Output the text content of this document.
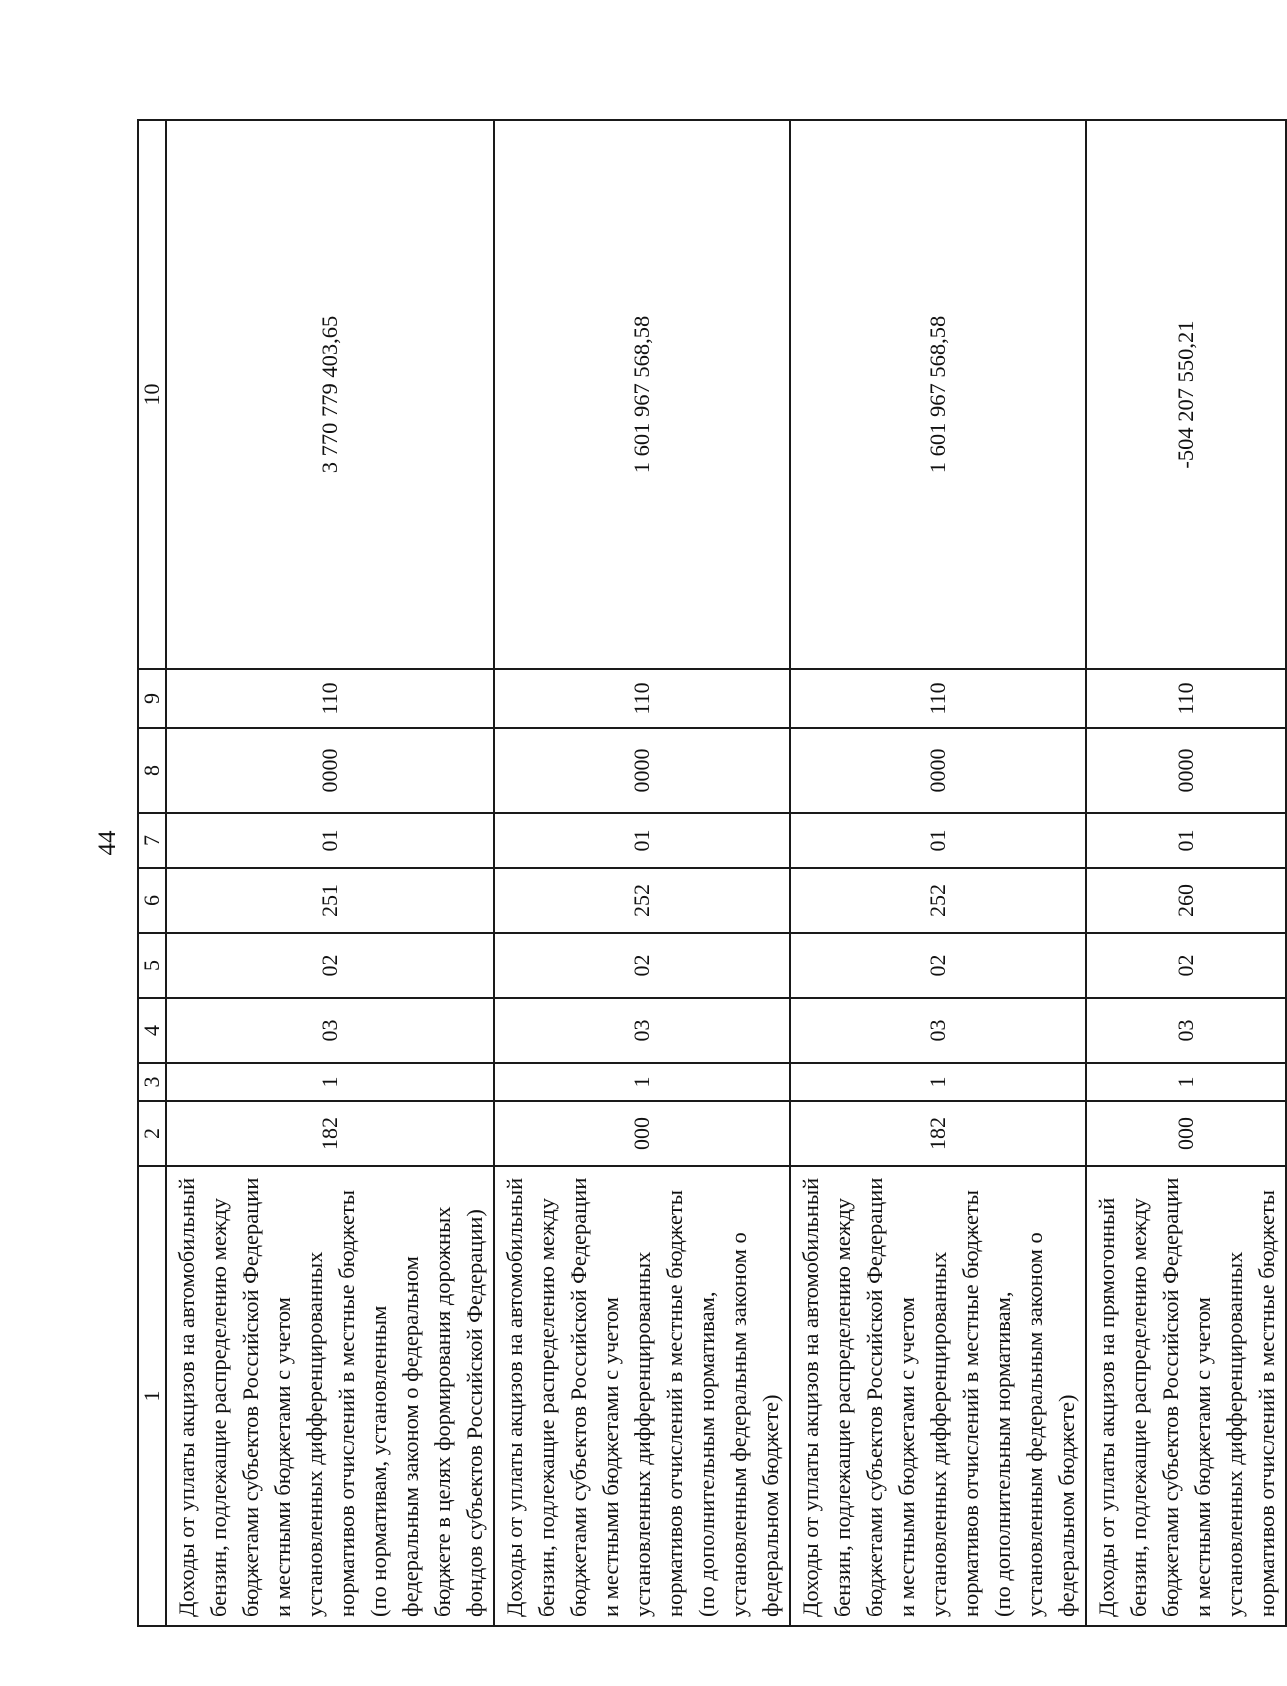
44
1	2	3	4	5	6	7	8	9	10
Доходы от уплаты акцизов на автомобильный бензин, подлежащие распределению между бюджетами субъектов Российской Федерации и местными бюджетами с учетом установленных дифференцированных нормативов отчислений в местные бюджеты (по нормативам, установленным федеральным законом о федеральном бюджете в целях формирования дорожных фондов субъектов Российской Федерации)	182	1	03	02	251	01	0000	110	3 770 779 403,65
Доходы от уплаты акцизов на автомобильный бензин, подлежащие распределению между бюджетами субъектов Российской Федерации и местными бюджетами с учетом установленных дифференцированных нормативов отчислений в местные бюджеты (по дополнительным нормативам, установленным федеральным законом о федеральном бюджете)	000	1	03	02	252	01	0000	110	1 601 967 568,58
Доходы от уплаты акцизов на автомобильный бензин, подлежащие распределению между бюджетами субъектов Российской Федерации и местными бюджетами с учетом установленных дифференцированных нормативов отчислений в местные бюджеты (по дополнительным нормативам, установленным федеральным законом о федеральном бюджете)	182	1	03	02	252	01	0000	110	1 601 967 568,58
Доходы от уплаты акцизов на прямогонный бензин, подлежащие распределению между бюджетами субъектов Российской Федерации и местными бюджетами с учетом установленных дифференцированных нормативов отчислений в местные бюджеты	000	1	03	02	260	01	0000	110	-504 207 550,21
